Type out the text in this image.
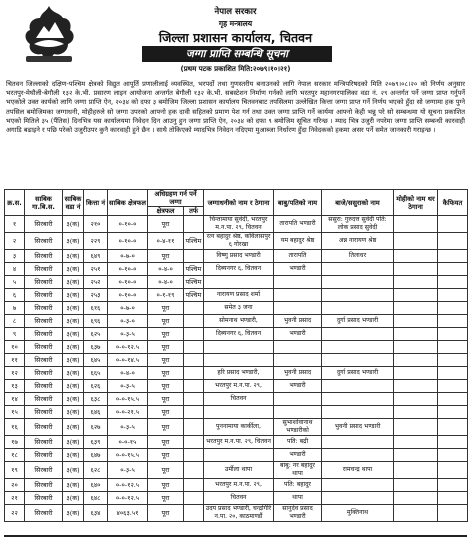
नेपाल सरकार
गृह मन्त्रालय
जिल्ला प्रशासन कार्यालय, चितवन
जग्गा प्राप्ति सम्बन्धि सूचना
(प्रथम पटक प्रकाशित मिति:२०७९।१०।२१)
चितवन जिल्लाको दक्षिण-पश्चिम क्षेत्रको विद्युत आपूर्ति प्रणालीलाई व्यवस्थित, भरपर्दो तथा गुणस्तरीय बनाउनको लागि नेपाल सरकार मन्त्रिपरिषदको मिति २०७९।०८।२० को निर्णय अनुसार भरतपुर-मेघौली-बेगौली १३२ के.भी. प्रसारण लाइन आयोजना अन्तर्गत बेगौली १३२ के.भी. सबस्टेशन निर्माण गर्नको लागि भरतपुर महानगरपालिका वडा नं. २९ अन्तर्गत पर्ने जग्गा प्राप्त गर्नुपर्ने भएकोले उक्त कार्यको लागि जग्गा प्राप्ति ऐन, २०३४ को दफा ३ बमोजिम जिल्ला प्रशासन कार्यालय चितवनबाट तपसिलमा उल्लेखित कित्ता जग्गा प्राप्त गर्ने निर्णय भएको हुँदा सो जग्गामा हक पुग्ने तपसिल बमोजिमका जग्गाधनी, मोहीहरुले सो जग्गा उपरको आफ्नो हक दावी सहितको प्रमाण पेश गर्न तथा उक्त जग्गा प्राप्ति गर्ने कार्यमा आफ्नो केही भन्नु परे सो सम्बन्धमा यो सूचना प्रकाशित भएको मितिले ३५ (पैंतिस) दिनभित्र यस कार्यालयमा निवेदन दिन आउनु हुन जग्गा प्राप्ति ऐन, २०३४ को दफा ९ बमोजिम सूचित गरिन्छ । म्याद भित्र उजुरी नपरेमा जग्गा प्राप्ति सम्बन्धी कारवाही अगाडि बढाइने र पछि परेको उजुरीउपर कुनै कारवाही हुने छैन । साथै तोकिएको म्यादभित्र निवेदन नदिएमा मुआब्जा निर्धारण हुँदा निवेदकको हकमा असर पर्ने समेत जानकारी गराइन्छ ।
क्र.स.	साबिक गा.बि.स.	साबिक वडा नं	कित्ता नं	साबिक क्षेत्रफल	अधिग्रहण गर्न पर्ने जग्गा		जग्गाधनीको नाम र ठेगाना	बाबु/पतिको नाम	बाजे/ससुराको नाम	मोहीको नाम थर ठेगाना	कैफियत
					क्षेत्रफल	तर्फ					
१	सिरबारी	३(क)	२१०	०-१०-०	पूरा		चिन्तामाया सुवेदी, भरतपुर म.न.पा. २९, चितवन	तारापति भण्डारी	ससुरा: गुरुदत्त सुवेदी पति: लोक प्रसाद सुवेदी		
२	सिरबारी	३(क)	२२९	०-१०-०	०-४-११	पश्चिम	रत्न बहादुर श्रेष्ठ, कविलासपुर ६ गोरखा	यम बहादुर श्रेष्ठ	अन्न नारायण श्रेष्ठ		
३	सिरबारी	३(क)	६४९	०-७-०	पूरा		विष्णु प्रसाद भण्डारी	तारापति	तिलाधर		
४	सिरबारी	३(क)	२५१	०-१०-०	०-४-०	पश्चिम	दिब्यनगर ६, चितवन	भण्डारी			
५	सिरबारी	३(क)	२५२	०-१०-०	०-४-०	पश्चिम					
६	सिरबारी	३(क)	२५३	०-१०-०	०-१-१९	पश्चिम	नारायण प्रसाद शर्मा				
७	सिरबारी	३(क)	६१६	०-७-०	पूरा		समेत ३ जना				
८	सिरबारी	३(क)	६९६	०-३-०	पूरा		सोमनाथ भण्डारी,	भुवनी प्रसाद	दुर्गा प्रसाद भण्डारी		
९	सिरबारी	३(क)	६२५	०-३-५	पूरा		दिब्यनगर ६, चितवन	भण्डारी			
१०	सिरबारी	३(क)	६३७	०-०-१२.५	पूरा						
११	सिरबारी	३(क)	६४५	०-०-१४.५	पूरा						
१२	सिरबारी	३(क)	६६५	०-४-०	पूरा		हरि प्रसाद भण्डारी,	भुवनी प्रसाद	दुर्गा प्रसाद भण्डारी		
१३	सिरबारी	३(क)	६२६	०-३-५	पूरा		भरतपुर म.न.पा. २९,	भण्डारी			
१४	सिरबारी	३(क)	६३८	०-०-१५.५	पूरा		चितवन				
१५	सिरबारी	३(क)	६४६	०-०-२१.५	पूरा						
१६	सिरबारी	३(क)	६२७	०-३-५	पूरा		पुननामाया कार्कीला,	सुभाशोवानाथ भण्डारीको	भुवनी प्रसाद भण्डारी		
१७	सिरबारी	३(क)	६३९	०-०-१५	पूरा		भरतपुर म.न.पा. २९, चितवन	पति: बद्री			
१८	सिरबारी	३(क)	६४७	०-०-१५.५	पूरा			भण्डारी			
१९	सिरबारी	३(क)	६२८	०-३-५	पूरा		उर्मीला थापा	बाबु: नर बहादुर थापा	रामचन्द्र थापा		
२०	सिरबारी	३(क)	६४०	०-०-१२.५	पूरा		भरतपुर म.न.पा. २९,	पति: बहादुर			
२१	सिरबारी	३(क)	६४८	०-०-१२.५	पूरा		चितवन	थापा			
२२	सिरबारी	३(क)	६३४	४०६३.५१	पूरा		उदय प्रसाद भण्डारी, चन्द्रगिरि न.पा. २०, काठमाण्डौं	सानुदेव प्रसाद भण्डारी	मुक्तिनाथ		
